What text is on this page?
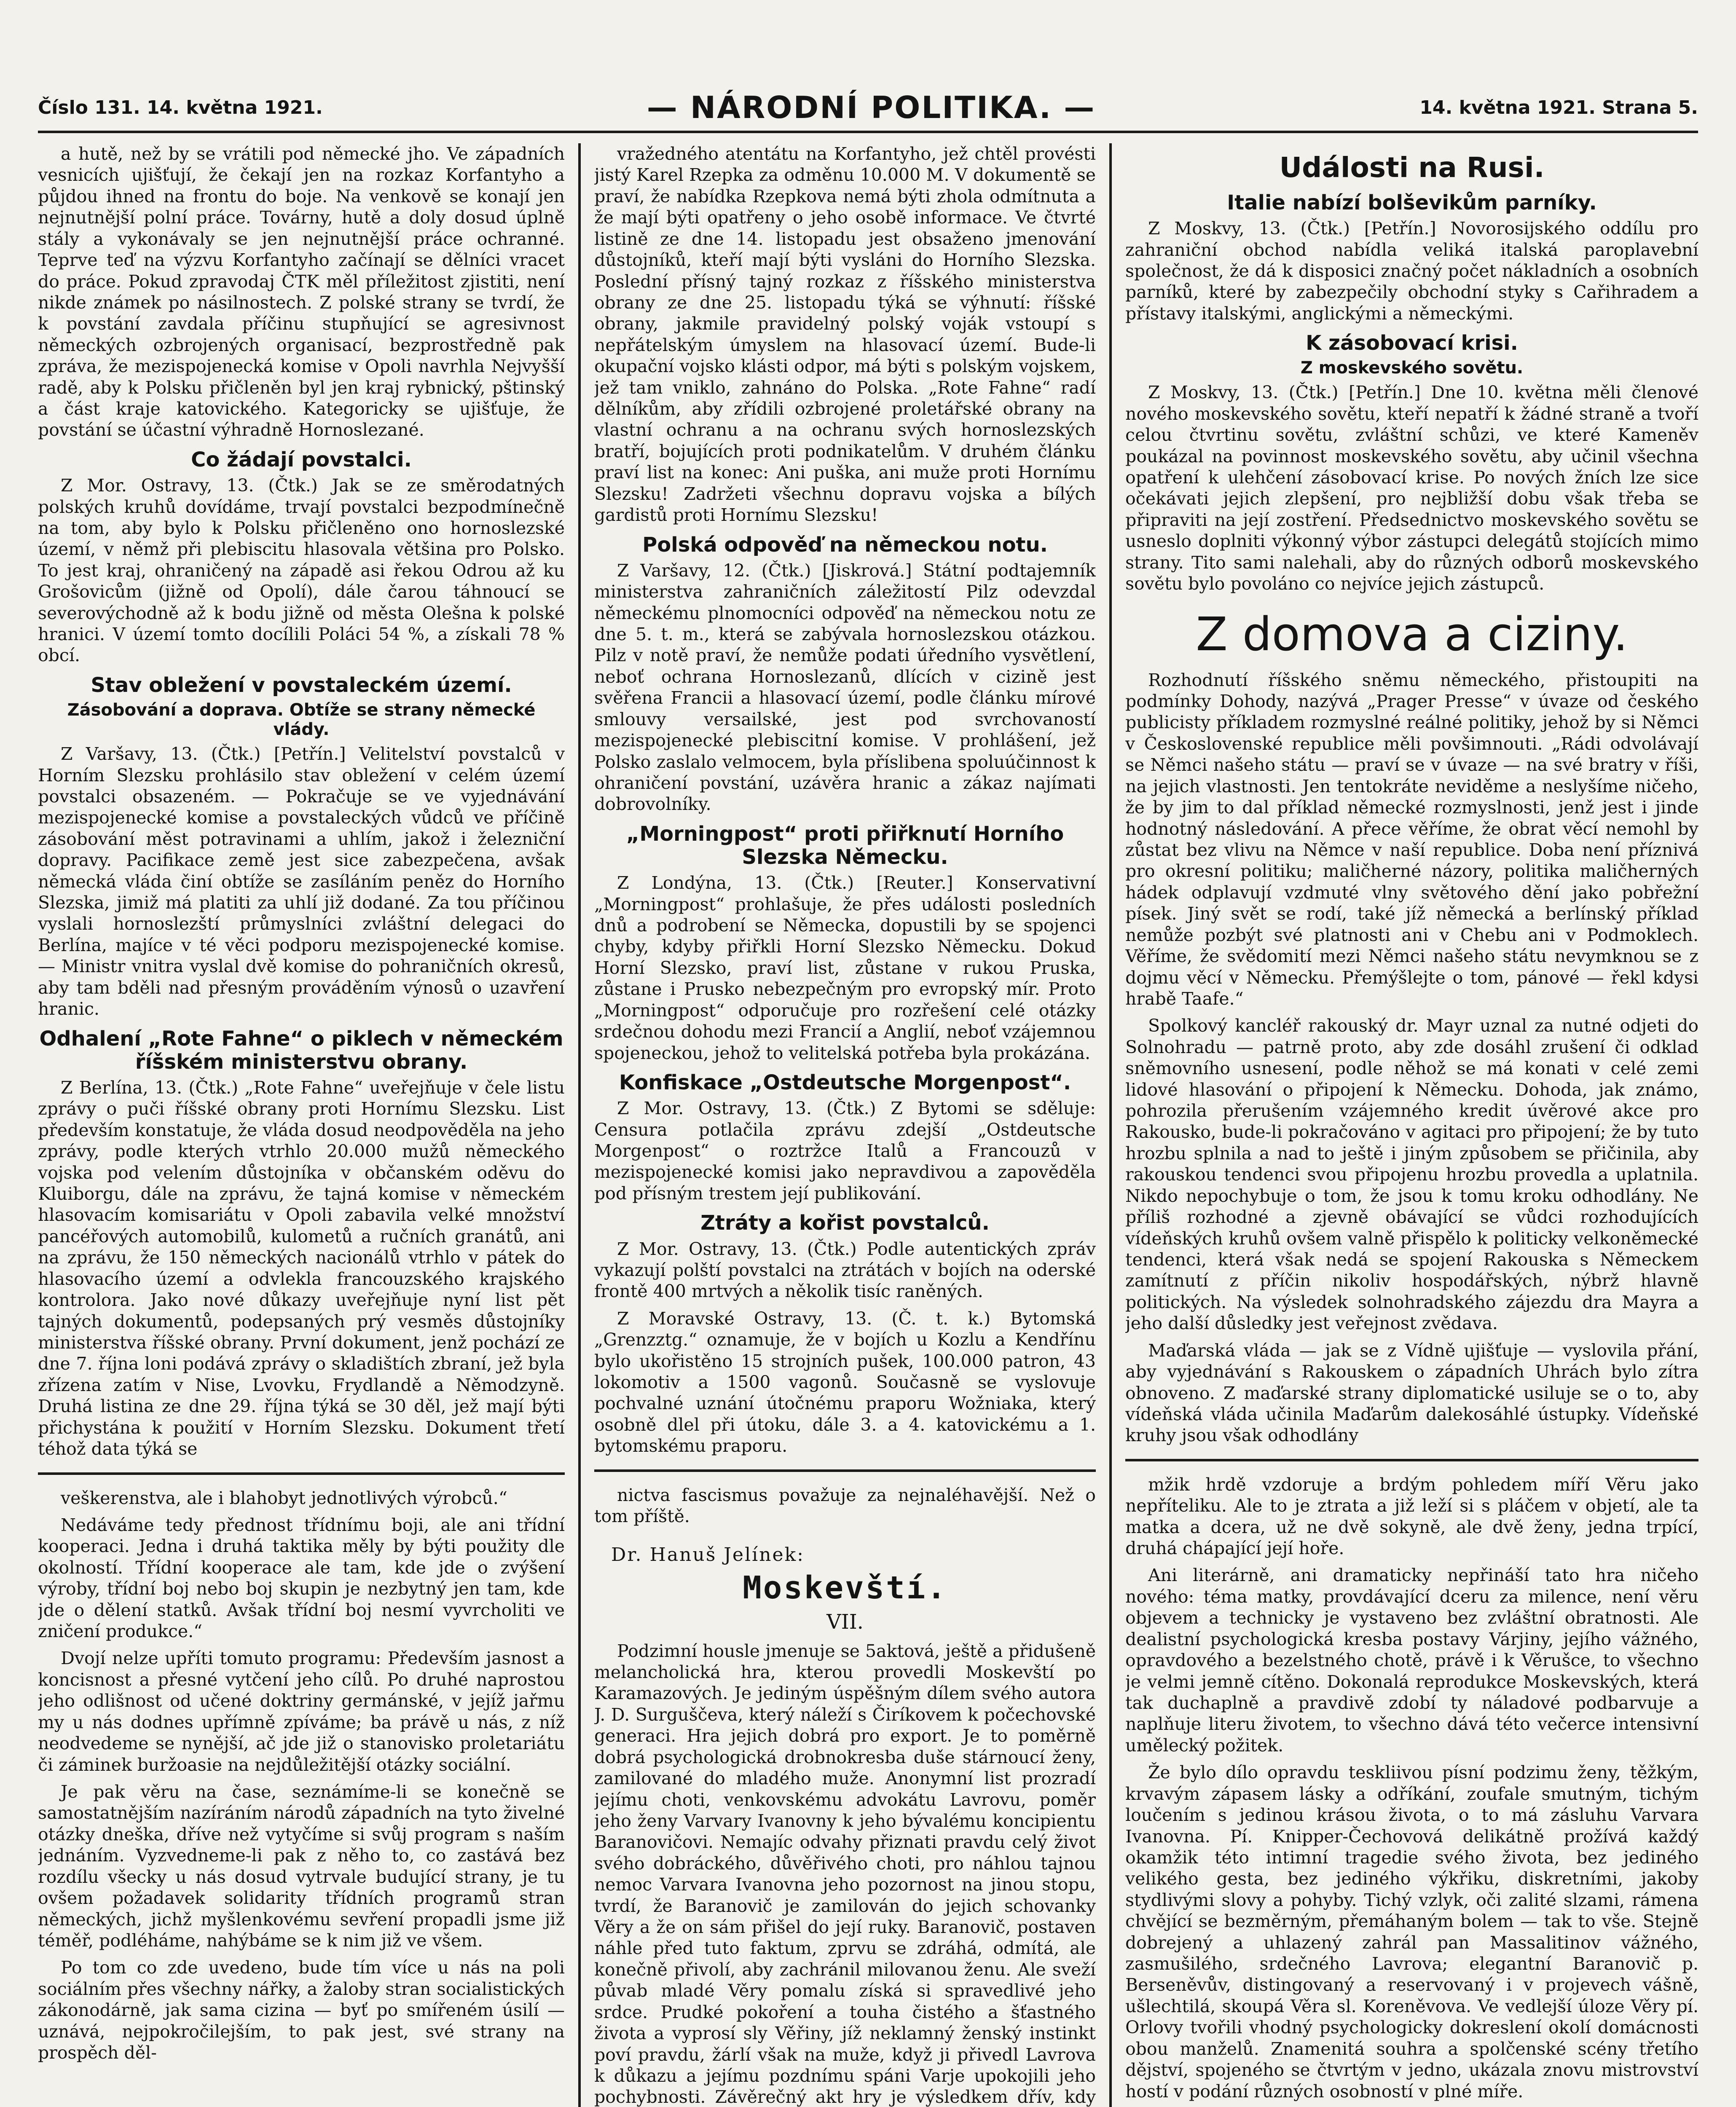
Číslo 131. 14. května 1921.	— NÁRODNÍ POLITIKA. —	14. května 1921. Strana 5.

a hutě, než by se vrátili pod německé jho. Ve západních vesnicích ujišťují, že čekají jen na rozkaz Korfantyho a půjdou ihned na frontu do boje. Na venkově se konají jen nejnutnější polní práce. Továrny, hutě a doly dosud úplně stály a vykonávaly se jen nejnutnější práce ochranné. Teprve teď na výzvu Korfantyho začínají se dělníci vracet do práce. Pokud zpravodaj ČTK měl příležitost zjistiti, není nikde známek po násilnostech. Z polské strany se tvrdí, že k povstání zavdala příčinu stupňující se agresivnost německých ozbrojených organisací, bezprostředně pak zpráva, že mezispojenecká komise v Opoli navrhla Nejvyšší radě, aby k Polsku přičleněn byl jen kraj rybnický, pštinský a část kraje katovického. Kategoricky se ujišťuje, že povstání se účastní výhradně Hornoslezané.

Co žádají povstalci.

Z Mor. Ostravy, 13. (Čtk.) Jak se ze směrodatných polských kruhů dovídáme, trvají povstalci bezpodmínečně na tom, aby bylo k Polsku přičleněno ono hornoslezské území, v němž při plebiscitu hlasovala většina pro Polsko. To jest kraj, ohraničený na západě asi řekou Odrou až ku Grošovicům (jižně od Opolí), dále čarou táhnoucí se severovýchodně až k bodu jižně od města Olešna k polské hranici. V území tomto docílili Poláci 54 %, a získali 78 % obcí.

Stav obležení v povstaleckém území.
Zásobování a doprava. Obtíže se strany německé vlády.

Z Varšavy, 13. (Čtk.) [Petřín.] Velitelství povstalců v Horním Slezsku prohlásilo stav obležení v celém území povstalci obsazeném. — Pokračuje se ve vyjednávání mezispojenecké komise a povstaleckých vůdců ve příčině zásobování měst potravinami a uhlím, jakož i železniční dopravy. Pacifikace země jest sice zabezpečena, avšak německá vláda činí obtíže se zasíláním peněz do Horního Slezska, jimiž má platiti za uhlí již dodané. Za tou příčinou vyslali hornoslezští průmyslníci zvláštní delegaci do Berlína, majíce v té věci podporu mezispojenecké komise. — Ministr vnitra vyslal dvě komise do pohraničních okresů, aby tam bděli nad přesným prováděním výnosů o uzavření hranic.

Odhalení „Rote Fahne“ o piklech v německém říšském ministerstvu obrany.

Z Berlína, 13. (Čtk.) „Rote Fahne“ uveřejňuje v čele listu zprávy o puči říšské obrany proti Hornímu Slezsku. List především konstatuje, že vláda dosud neodpověděla na jeho zprávy, podle kterých vtrhlo 20.000 mužů německého vojska pod velením důstojníka v občanském oděvu do Kluiborgu, dále na zprávu, že tajná komise v německém hlasovacím komisariátu v Opoli zabavila velké množství pancéřových automobilů, kulometů a ručních granátů, ani na zprávu, že 150 německých nacionálů vtrhlo v pátek do hlasovacího území a odvlekla francouzského krajského kontrolora. Jako nové důkazy uveřejňuje nyní list pět tajných dokumentů, podepsaných prý vesměs důstojníky ministerstva říšské obrany. První dokument, jenž pochází ze dne 7. října loni podává zprávy o skladištích zbraní, jež byla zřízena zatím v Nise, Lvovku, Frydlandě a Němodzyně. Druhá listina ze dne 29. října týká se 30 děl, jež mají býti přichystána k použití v Horním Slezsku. Dokument třetí téhož data týká se

veškerenstva, ale i blahobyt jednotlivých výrobců.“

Nedáváme tedy přednost třídnímu boji, ale ani třídní kooperaci. Jedna i druhá taktika měly by býti použity dle okolností. Třídní kooperace ale tam, kde jde o zvýšení výroby, třídní boj nebo boj skupin je nezbytný jen tam, kde jde o dělení statků. Avšak třídní boj nesmí vyvrcholiti ve zničení produkce.“

Dvojí nelze upříti tomuto programu: Především jasnost a koncisnost a přesné vytčení jeho cílů. Po druhé naprostou jeho odlišnost od učené doktriny germánské, v jejíž jařmu my u nás dodnes upřímně zpíváme; ba právě u nás, z níž neodvedeme se nynější, ač jde již o stanovisko proletariátu či záminek buržoasie na nejdůležitější otázky sociální.

Je pak věru na čase, seznámíme-li se konečně se samostatnějším nazíráním národů západních na tyto živelné otázky dneška, dříve než vytyčíme si svůj program s naším jednáním. Vyzvedneme-li pak z něho to, co zastává bez rozdílu všecky u nás dosud vytrvale budující strany, je tu ovšem požadavek solidarity třídních programů stran německých, jichž myšlenkovému sevření propadli jsme již téměř, podléháme, nahýbáme se k nim již ve všem.

Po tom co zde uvedeno, bude tím více u nás na poli sociálním přes všechny nářky, a žaloby stran socialistických zákonodárně, jak sama cizina — byť po smířeném úsilí — uznává, nejpokročilejším, to pak jest, své strany na prospěch děl-

vražedného atentátu na Korfantyho, jež chtěl provésti jistý Karel Rzepka za odměnu 10.000 M. V dokumentě se praví, že nabídka Rzepkova nemá býti zhola odmítnuta a že mají býti opatřeny o jeho osobě informace. Ve čtvrté listině ze dne 14. listopadu jest obsaženo jmenování důstojníků, kteří mají býti vysláni do Horního Slezska. Poslední přísný tajný rozkaz z říšského ministerstva obrany ze dne 25. listopadu týká se výhnutí: říšské obrany, jakmile pravidelný polský voják vstoupí s nepřátelským úmyslem na hlasovací území. Bude-li okupační vojsko klásti odpor, má býti s polským vojskem, jež tam vniklo, zahnáno do Polska. „Rote Fahne“ radí dělníkům, aby zřídili ozbrojené proletářské obrany na vlastní ochranu a na ochranu svých hornoslezských bratří, bojujících proti podnikatelům. V druhém článku praví list na konec: Ani puška, ani muže proti Hornímu Slezsku! Zadržeti všechnu dopravu vojska a bílých gardistů proti Hornímu Slezsku!

Polská odpověď na německou notu.

Z Varšavy, 12. (Čtk.) [Jiskrová.] Státní podtajemník ministerstva zahraničních záležitostí Pilz odevzdal německému plnomocníci odpověď na německou notu ze dne 5. t. m., která se zabývala hornoslezskou otázkou. Pilz v notě praví, že nemůže podati úředního vysvětlení, neboť ochrana Hornoslezanů, dlících v cizině jest svěřena Francii a hlasovací území, podle článku mírové smlouvy versailské, jest pod svrchovaností mezispojenecké plebiscitní komise. V prohlášení, jež Polsko zaslalo velmocem, byla příslibena spoluúčinnost k ohraničení povstání, uzávěra hranic a zákaz najímati dobrovolníky.

„Morningpost“ proti přiřknutí Horního Slezska Německu.

Z Londýna, 13. (Čtk.) [Reuter.] Konservativní „Morningpost“ prohlašuje, že přes události posledních dnů a podrobení se Německa, dopustili by se spojenci chyby, kdyby přiřkli Horní Slezsko Německu. Dokud Horní Slezsko, praví list, zůstane v rukou Pruska, zůstane i Prusko nebezpečným pro evropský mír. Proto „Morningpost“ odporučuje pro rozřešení celé otázky srdečnou dohodu mezi Francií a Anglií, neboť vzájemnou spojeneckou, jehož to velitelská potřeba byla prokázána.

Konfiskace „Ostdeutsche Morgenpost“.

Z Mor. Ostravy, 13. (Čtk.) Z Bytomi se sděluje: Censura potlačila zprávu zdejší „Ostdeutsche Morgenpost“ o roztržce Italů a Francouzů v mezispojenecké komisi jako nepravdivou a zapověděla pod přísným trestem její publikování.

Ztráty a kořist povstalců.

Z Mor. Ostravy, 13. (Čtk.) Podle autentických zpráv vykazují polští povstalci na ztrátách v bojích na oderské frontě 400 mrtvých a několik tisíc raněných.

Z Moravské Ostravy, 13. (Č. t. k.) Bytomská „Grenzztg.“ oznamuje, že v bojích u Kozlu a Kendřínu bylo ukořistěno 15 strojních pušek, 100.000 patron, 43 lokomotiv a 1500 vagonů. Současně se vyslovuje pochvalné uznání útočnému praporu Wožniaka, který osobně dlel při útoku, dále 3. a 4. katovickému a 1. bytomskému praporu.

nictva fascismus považuje za nejnaléhavější. Než o tom příště.

Dr. Hanuš Jelínek:
Moskevští.
VII.

Podzimní housle jmenuje se 5aktová, ještě a přidušeně melancholická hra, kterou provedli Moskevští po Karamazových. Je jediným úspěšným dílem svého autora J. D. Surguščeva, který náleží s Čiríkovem k počechovské generaci. Hra jejich dobrá pro export. Je to poměrně dobrá psychologická drobnokresba duše stárnoucí ženy, zamilované do mladého muže. Anonymní list prozradí jejímu choti, venkovskému advokátu Lavrovu, poměr jeho ženy Varvary Ivanovny k jeho bývalému koncipientu Baranovičovi. Nemajíc odvahy přiznati pravdu celý život svého dobráckého, důvěřivého choti, pro náhlou tajnou nemoc Varvara Ivanovna jeho pozornost na jinou stopu, tvrdí, že Baranovič je zamilován do jejich schovanky Věry a že on sám přišel do její ruky. Baranovič, postaven náhle před tuto faktum, zprvu se zdráhá, odmítá, ale konečně přivolí, aby zachránil milovanou ženu. Ale sveží půvab mladé Věry pomalu získá si spravedlivé jeho srdce. Prudké pokoření a touha čistého a šťastného života a vyprosí sly Věřiny, jíž neklamný ženský instinkt poví pravdu, žárlí však na muže, když ji přivedl Lavrova k důkazu a jejímu pozdnímu spáni Varje upokojili jeho pochybnosti. Závěrečný akt hry je výsledkem dřív, kdy

Události na Rusi.
Italie nabízí bolševikům parníky.

Z Moskvy, 13. (Čtk.) [Petřín.] Novorosijského oddílu pro zahraniční obchod nabídla veliká italská paroplavební společnost, že dá k disposici značný počet nákladních a osobních parníků, které by zabezpečily obchodní styky s Cařihradem a přístavy italskými, anglickými a německými.

K zásobovací krisi.
Z moskevského sovětu.

Z Moskvy, 13. (Čtk.) [Petřín.] Dne 10. května měli členové nového moskevského sovětu, kteří nepatří k žádné straně a tvoří celou čtvrtinu sovětu, zvláštní schůzi, ve které Kameněv poukázal na povinnost moskevského sovětu, aby učinil všechna opatření k ulehčení zásobovací krise. Po nových žních lze sice očekávati jejich zlepšení, pro nejbližší dobu však třeba se připraviti na její zostření. Předsednictvo moskevského sovětu se usneslo doplniti výkonný výbor zástupci delegátů stojících mimo strany. Tito sami nalehali, aby do různých odborů moskevského sovětu bylo povoláno co nejvíce jejich zástupců.

Z domova a ciziny.

Rozhodnutí říšského sněmu německého, přistoupiti na podmínky Dohody, nazývá „Prager Presse“ v úvaze od českého publicisty příkladem rozmyslné reálné politiky, jehož by si Němci v Československé republice měli povšimnouti. „Rádi odvolávají se Němci našeho státu — praví se v úvaze — na své bratry v říši, na jejich vlastnosti. Jen tentokráte neviděme a neslyšíme ničeho, že by jim to dal příklad německé rozmyslnosti, jenž jest i jinde hodnotný následování. A přece věříme, že obrat věcí nemohl by zůstat bez vlivu na Němce v naší republice. Doba není příznivá pro okresní politiku; maličherné názory, politika maličherných hádek odplavují vzdmuté vlny světového dění jako pobřežní písek. Jiný svět se rodí, také jíž německá a berlínský příklad nemůže pozbýt své platnosti ani v Chebu ani v Podmoklech. Věříme, že svědomití mezi Němci našeho státu nevymknou se z dojmu věcí v Německu. Přemýšlejte o tom, pánové — řekl kdysi hrabě Taafe.“

Spolkový kancléř rakouský dr. Mayr uznal za nutné odjeti do Solnohradu — patrně proto, aby zde dosáhl zrušení či odklad sněmovního usnesení, podle něhož se má konati v celé zemi lidové hlasování o připojení k Německu. Dohoda, jak známo, pohrozila přerušením vzájemného kredit úvěrové akce pro Rakousko, bude-li pokračováno v agitaci pro připojení; že by tuto hrozbu splnila a nad to ještě i jiným způsobem se přičinila, aby rakouskou tendenci svou připojenu hrozbu provedla a uplatnila. Nikdo nepochybuje o tom, že jsou k tomu kroku odhodlány. Ne příliš rozhodné a zjevně obávající se vůdci rozhodujících vídeňských kruhů ovšem valně přispělo k politicky velkoněmecké tendenci, která však nedá se spojení Rakouska s Německem zamítnutí z příčin nikoliv hospodářských, nýbrž hlavně politických. Na výsledek solnohradského zájezdu dra Mayra a jeho další důsledky jest veřejnost zvědava.

Maďarská vláda — jak se z Vídně ujišťuje — vyslovila přání, aby vyjednávání s Rakouskem o západních Uhrách bylo zítra obnoveno. Z maďarské strany diplomatické usiluje se o to, aby vídeňská vláda učinila Maďarům dalekosáhlé ústupky. Vídeňské kruhy jsou však odhodlány

mžik hrdě vzdoruje a brdým pohledem míří Věru jako nepříteliku. Ale to je ztrata a již leží si s pláčem v objetí, ale ta matka a dcera, už ne dvě sokyně, ale dvě ženy, jedna trpící, druhá chápající její hoře.

Ani literárně, ani dramaticky nepřináší tato hra ničeho nového: téma matky, provdávající dceru za milence, není věru objevem a technicky je vystaveno bez zvláštní obratnosti. Ale dealistní psychologická kresba postavy Várjiny, jejího vážného, opravdového a bezelstného chotě, právě i k Věrušce, to všechno je velmi jemně cítěno. Dokonalá reprodukce Moskevských, která tak duchaplně a pravdivě zdobí ty náladové podbarvuje a naplňuje literu životem, to všechno dává této večerce intensivní umělecký požitek.

Že bylo dílo opravdu teskliivou písní podzimu ženy, těžkým, krvavým zápasem lásky a odříkání, zoufale smutným, tichým loučením s jedinou krásou života, o to má zásluhu Varvara Ivanovna. Pí. Knipper-Čechovová delikátně prožívá každý okamžik této intimní tragedie svého života, bez jediného velikého gesta, bez jediného výkřiku, diskretními, jakoby stydlivými slovy a pohyby. Tichý vzlyk, oči zalité slzami, rámena chvějící se bezměrným, přemáhaným bolem — tak to vše. Stejně dobrejený a uhlazený zahrál pan Massalitinov vážného, zasmušilého, srdečného Lavrova; elegantní Baranovič p. Berseněvův, distingovaný a reservovaný i v projevech vášně, ušlechtilá, skoupá Věra sl. Koreněvova. Ve vedlejší úloze Věry pí. Orlovy tvořili vhodný psychologicky dokreslení okolí domácnosti obou manželů. Znamenitá souhra a spolčenské scény třetího dějství, spojeného se čtvrtým v jedno, ukázala znovu mistrovství hostí v podání různých osobností v plné míře.
